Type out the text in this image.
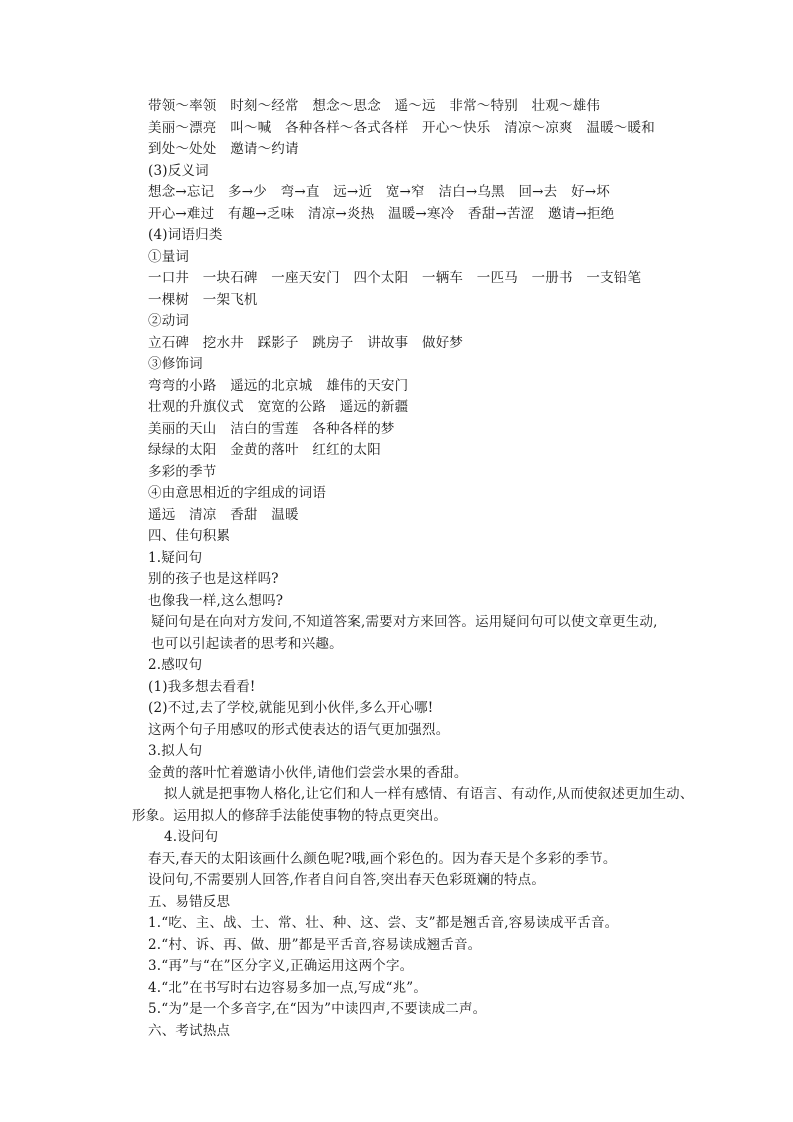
带领～率领　时刻～经常　想念～思念　遥～远　非常～特别　壮观～雄伟
美丽～漂亮　叫～喊　各种各样～各式各样　开心～快乐　清凉～凉爽　温暖～暖和
到处～处处　邀请～约请
(3)反义词
想念→忘记　多→少　弯→直　远→近　宽→窄　洁白→乌黑　回→去　好→坏
开心→难过　有趣→乏味　清凉→炎热　温暖→寒冷　香甜→苦涩　邀请→拒绝
(4)词语归类
①量词
一口井　一块石碑　一座天安门　四个太阳　一辆车　一匹马　一册书　一支铅笔
一棵树　一架飞机
②动词
立石碑　挖水井　踩影子　跳房子　讲故事　做好梦
③修饰词
弯弯的小路　遥远的北京城　雄伟的天安门
壮观的升旗仪式　宽宽的公路　遥远的新疆
美丽的天山　洁白的雪莲　各种各样的梦
绿绿的太阳　金黄的落叶　红红的太阳
多彩的季节
④由意思相近的字组成的词语
遥远　清凉　香甜　温暖
四、佳句积累
1.疑问句
别的孩子也是这样吗?
也像我一样,这么想吗?
疑问句是在向对方发问,不知道答案,需要对方来回答。运用疑问句可以使文章更生动,
也可以引起读者的思考和兴趣。
2.感叹句
(1)我多想去看看!
(2)不过,去了学校,就能见到小伙伴,多么开心哪!
这两个句子用感叹的形式使表达的语气更加强烈。
3.拟人句
金黄的落叶忙着邀请小伙伴,请他们尝尝水果的香甜。
拟人就是把事物人格化,让它们和人一样有感情、有语言、有动作,从而使叙述更加生动、
形象。运用拟人的修辞手法能使事物的特点更突出。
4.设问句
春天,春天的太阳该画什么颜色呢?哦,画个彩色的。因为春天是个多彩的季节。
设问句,不需要别人回答,作者自问自答,突出春天色彩斑斓的特点。
五、易错反思
1.“吃、主、战、士、常、壮、种、这、尝、支”都是翘舌音,容易读成平舌音。
2.“村、诉、再、做、册”都是平舌音,容易读成翘舌音。
3.“再”与“在”区分字义,正确运用这两个字。
4.“北”在书写时右边容易多加一点,写成“兆”。
5.“为”是一个多音字,在“因为”中读四声,不要读成二声。
六、考试热点
